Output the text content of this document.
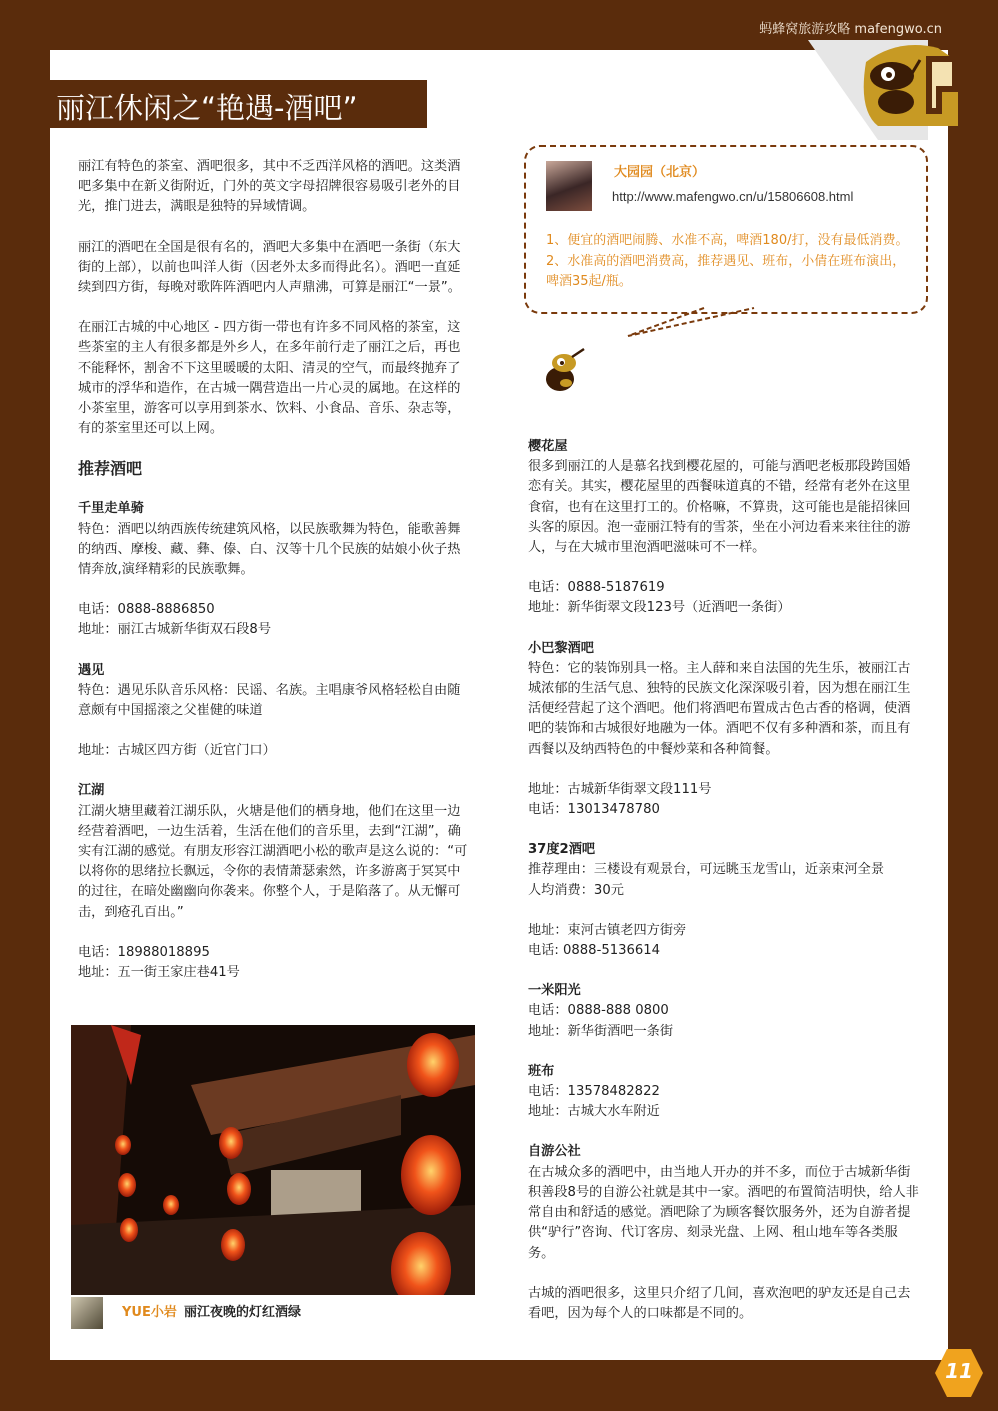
蚂蜂窝旅游攻略 mafengwo.cn
丽江休闲之“艳遇-酒吧”

丽江有特色的茶室、酒吧很多，其中不乏西洋风格的酒吧。这类酒吧多集中在新义街附近，门外的英文字母招牌很容易吸引老外的目光，推门进去，满眼是独特的异域情调。

丽江的酒吧在全国是很有名的，酒吧大多集中在酒吧一条街（东大街的上部），以前也叫洋人街（因老外太多而得此名）。酒吧一直延续到四方街，每晚对歌阵阵酒吧内人声鼎沸，可算是丽江“一景”。

在丽江古城的中心地区 - 四方街一带也有许多不同风格的茶室，这些茶室的主人有很多都是外乡人，在多年前行走了丽江之后，再也不能释怀，割舍不下这里暖暖的太阳、清灵的空气，而最终抛弃了城市的浮华和造作，在古城一隅营造出一片心灵的属地。在这样的小茶室里，游客可以享用到茶水、饮料、小食品、音乐、杂志等，有的茶室里还可以上网。

推荐酒吧

千里走单骑

特色：酒吧以纳西族传统建筑风格，以民族歌舞为特色，能歌善舞的纳西、摩梭、藏、彝、傣、白、汉等十几个民族的姑娘小伙子热情奔放,演绎精彩的民族歌舞。

电话：0888-8886850

地址：丽江古城新华街双石段8号

遇见

特色：遇见乐队音乐风格：民谣、名族。主唱康爷风格轻松自由随意颇有中国摇滚之父崔健的味道

地址：古城区四方街（近官门口）

江湖

江湖火塘里藏着江湖乐队，火塘是他们的栖身地，他们在这里一边经营着酒吧，一边生活着，生活在他们的音乐里，去到“江湖”，确实有江湖的感觉。有朋友形容江湖酒吧小松的歌声是这么说的：“可以将你的思绪拉长飘远，令你的表情萧瑟索然，许多游离于冥冥中的过往，在暗处幽幽向你袭来。你整个人，于是陷落了。从无懈可击，到疮孔百出。”

电话：18988018895

地址：五一街王家庄巷41号

大园园（北京）
http://www.mafengwo.cn/u/15806608.html
1、便宜的酒吧闹腾、水准不高，啤酒180/打，没有最低消费。2、水准高的酒吧消费高，推荐遇见、班布，小倩在班布演出，啤酒35起/瓶。

樱花屋

很多到丽江的人是慕名找到樱花屋的，可能与酒吧老板那段跨国婚恋有关。其实，樱花屋里的西餐味道真的不错，经常有老外在这里食宿，也有在这里打工的。价格嘛，不算贵，这可能也是能招徕回头客的原因。泡一壶丽江特有的雪茶，坐在小河边看来来往往的游人，与在大城市里泡酒吧滋味可不一样。

电话：0888-5187619

地址：新华街翠文段123号（近酒吧一条街）

小巴黎酒吧

特色：它的装饰别具一格。主人薛和来自法国的先生乐，被丽江古城浓郁的生活气息、独特的民族文化深深吸引着，因为想在丽江生活便经营起了这个酒吧。他们将酒吧布置成古色古香的格调，使酒吧的装饰和古城很好地融为一体。酒吧不仅有多种酒和茶，而且有西餐以及纳西特色的中餐炒菜和各种简餐。

地址：古城新华街翠文段111号

电话：13013478780

37度2酒吧

推荐理由：三楼设有观景台，可远眺玉龙雪山，近亲束河全景

人均消费：30元

地址：束河古镇老四方街旁

电话: 0888-5136614

一米阳光

电话：0888-888 0800

地址：新华街酒吧一条街

班布

电话：13578482822

地址：古城大水车附近

自游公社

在古城众多的酒吧中，由当地人开办的并不多，而位于古城新华街积善段8号的自游公社就是其中一家。酒吧的布置简洁明快，给人非常自由和舒适的感觉。酒吧除了为顾客餐饮服务外，还为自游者提供“驴行”咨询、代订客房、刻录光盘、上网、租山地车等各类服务。

古城的酒吧很多，这里只介绍了几间，喜欢泡吧的驴友还是自己去看吧，因为每个人的口味都是不同的。

YUE小岩 丽江夜晚的灯红酒绿
11
